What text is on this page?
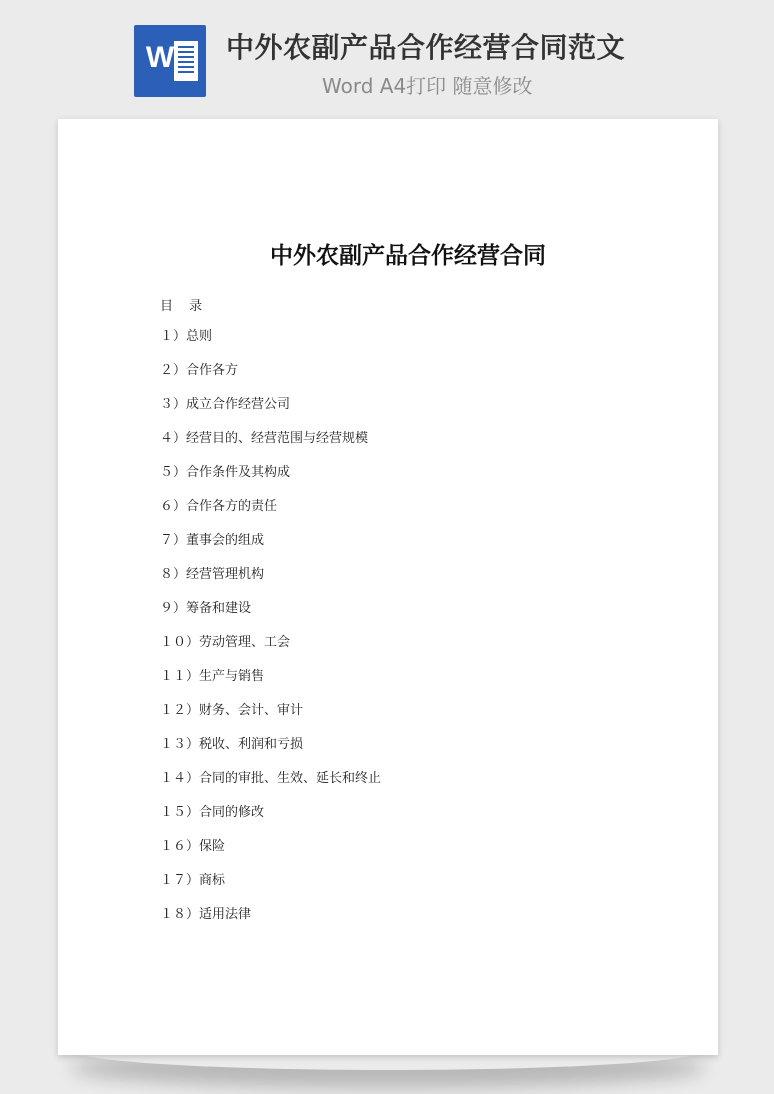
W 中外农副产品合作经营合同范文
Word A4打印 随意修改

中外农副产品合作经营合同
目 录
１）总则
２）合作各方
３）成立合作经营公司
４）经营目的、经营范围与经营规模
５）合作条件及其构成
６）合作各方的责任
７）董事会的组成
８）经营管理机构
９）筹备和建设
１０）劳动管理、工会
１１）生产与销售
１２）财务、会计、审计
１３）税收、利润和亏损
１４）合同的审批、生效、延长和终止
１５）合同的修改
１６）保险
１７）商标
１８）适用法律
